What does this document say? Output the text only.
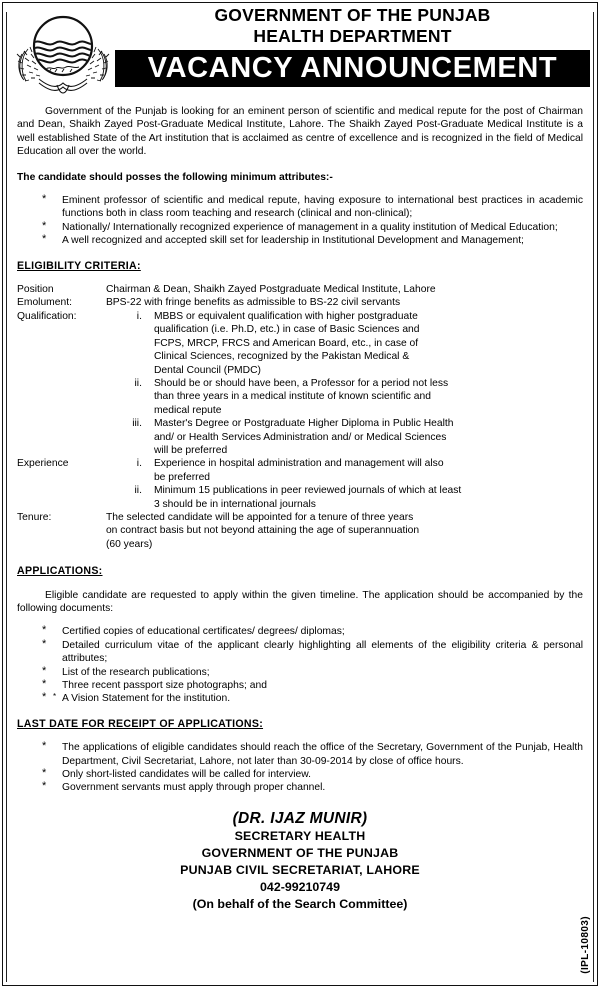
GOVERNMENT OF THE PUNJAB
HEALTH DEPARTMENT
VACANCY ANNOUNCEMENT

Government of the Punjab is looking for an eminent person of scientific and medical repute for the post of Chairman and Dean, Shaikh Zayed Post-Graduate Medical Institute, Lahore. The Shaikh Zayed Post-Graduate Medical Institute is a well established State of the Art institution that is acclaimed as centre of excellence and is recognized in the field of Medical Education all over the world.

The candidate should posses the following minimum attributes:-

* Eminent professor of scientific and medical repute, having exposure to international best practices in academic functions both in class room teaching and research (clinical and non-clinical);
* Nationally/ Internationally recognized experience of management in a quality institution of Medical Education;
* A well recognized and accepted skill set for leadership in Institutional Development and Management;

ELIGIBILITY CRITERIA:

Position	Chairman & Dean, Shaikh Zayed Postgraduate Medical Institute, Lahore

Emolument:	BPS-22 with fringe benefits as admissible to BS-22 civil servants

Qualification:	i. MBBS or equivalent qualification with higher postgraduate
qualification (i.e. Ph.D, etc.) in case of Basic Sciences and
FCPS, MRCP, FRCS and American Board, etc., in case of
Clinical Sciences, recognized by the Pakistan Medical &
Dental Council (PMDC)
ii. Should be or should have been, a Professor for a period not less
than three years in a medical institute of known scientific and
medical repute
iii. Master's Degree or Postgraduate Higher Diploma in Public Health
and/ or Health Services Administration and/ or Medical Sciences
will be preferred

Experience	i. Experience in hospital administration and management will also
be preferred
ii. Minimum 15 publications in peer reviewed journals of which at least
3 should be in international journals

Tenure:	The selected candidate will be appointed for a tenure of three years
on contract basis but not beyond attaining the age of superannuation
(60 years)

APPLICATIONS:

Eligible candidate are requested to apply within the given timeline. The application should be accompanied by the following documents:

* Certified copies of educational certificates/ degrees/ diplomas;
* Detailed curriculum vitae of the applicant clearly highlighting all elements of the eligibility criteria & personal attributes;
* List of the research publications;
* Three recent passport size photographs; and
* * A Vision Statement for the institution.

LAST DATE FOR RECEIPT OF APPLICATIONS:

* The applications of eligible candidates should reach the office of the Secretary, Government of the Punjab, Health Department, Civil Secretariat, Lahore, not later than 30-09-2014 by close of office hours.
* Only short-listed candidates will be called for interview.
* Government servants must apply through proper channel.
(DR. IJAZ MUNIR)
SECRETARY HEALTH
GOVERNMENT OF THE PUNJAB
PUNJAB CIVIL SECRETARIAT, LAHORE
042-99210749
(On behalf of the Search Committee)
(IPL-10803)
